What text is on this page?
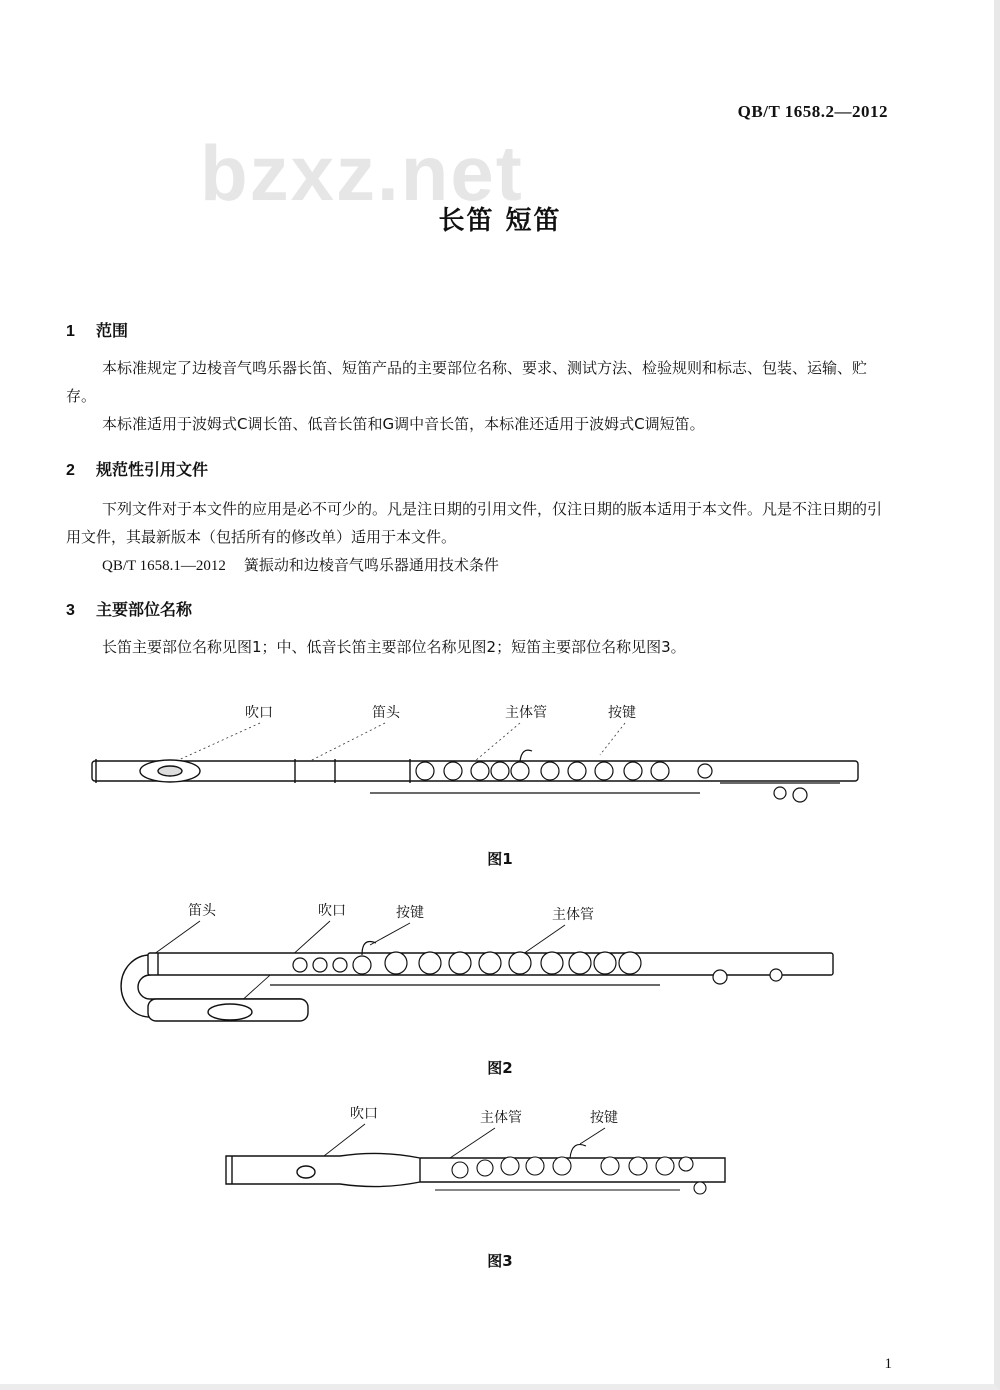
QB/T 1658.2—2012
bzxz.net
长笛 短笛
1 范围

本标准规定了边棱音气鸣乐器长笛、短笛产品的主要部位名称、要求、测试方法、检验规则和标志、包装、运输、贮存。

本标准适用于波姆式C调长笛、低音长笛和G调中音长笛，本标准还适用于波姆式C调短笛。

2 规范性引用文件

下列文件对于本文件的应用是必不可少的。凡是注日期的引用文件，仅注日期的版本适用于本文件。凡是不注日期的引用文件，其最新版本（包括所有的修改单）适用于本文件。

QB/T 1658.1—2012 簧振动和边棱音气鸣乐器通用技术条件
3 主要部位名称

长笛主要部位名称见图1；中、低音长笛主要部位名称见图2；短笛主要部位名称见图3。

吹口	笛头	主体管	按键
图1
笛头	吹口	按键	主体管
图2
吹口	主体管	按键
图3
1
